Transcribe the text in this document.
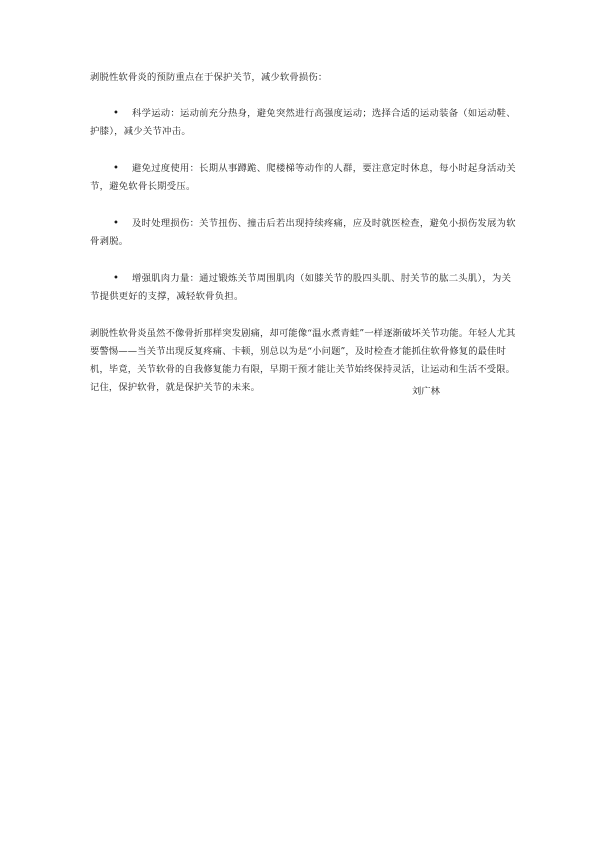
剥脱性软骨炎的预防重点在于保护关节，减少软骨损伤：

•	科学运动：运动前充分热身，避免突然进行高强度运动；选择合适的运动装备（如运动鞋、护膝），减少关节冲击。

•	避免过度使用：长期从事蹲跪、爬楼梯等动作的人群，要注意定时休息，每小时起身活动关节，避免软骨长期受压。

•	及时处理损伤：关节扭伤、撞击后若出现持续疼痛，应及时就医检查，避免小损伤发展为软骨剥脱。

•	增强肌肉力量：通过锻炼关节周围肌肉（如膝关节的股四头肌、肘关节的肱二头肌），为关节提供更好的支撑，减轻软骨负担。

剥脱性软骨炎虽然不像骨折那样突发剧痛，却可能像“温水煮青蛙”一样逐渐破坏关节功能。年轻人尤其要警惕——当关节出现反复疼痛、卡顿，别总以为是“小问题”，及时检查才能抓住软骨修复的最佳时机，毕竟，关节软骨的自我修复能力有限，早期干预才能让关节始终保持灵活，让运动和生活不受限。记住，保护软骨，就是保护关节的未来。	刘广林
